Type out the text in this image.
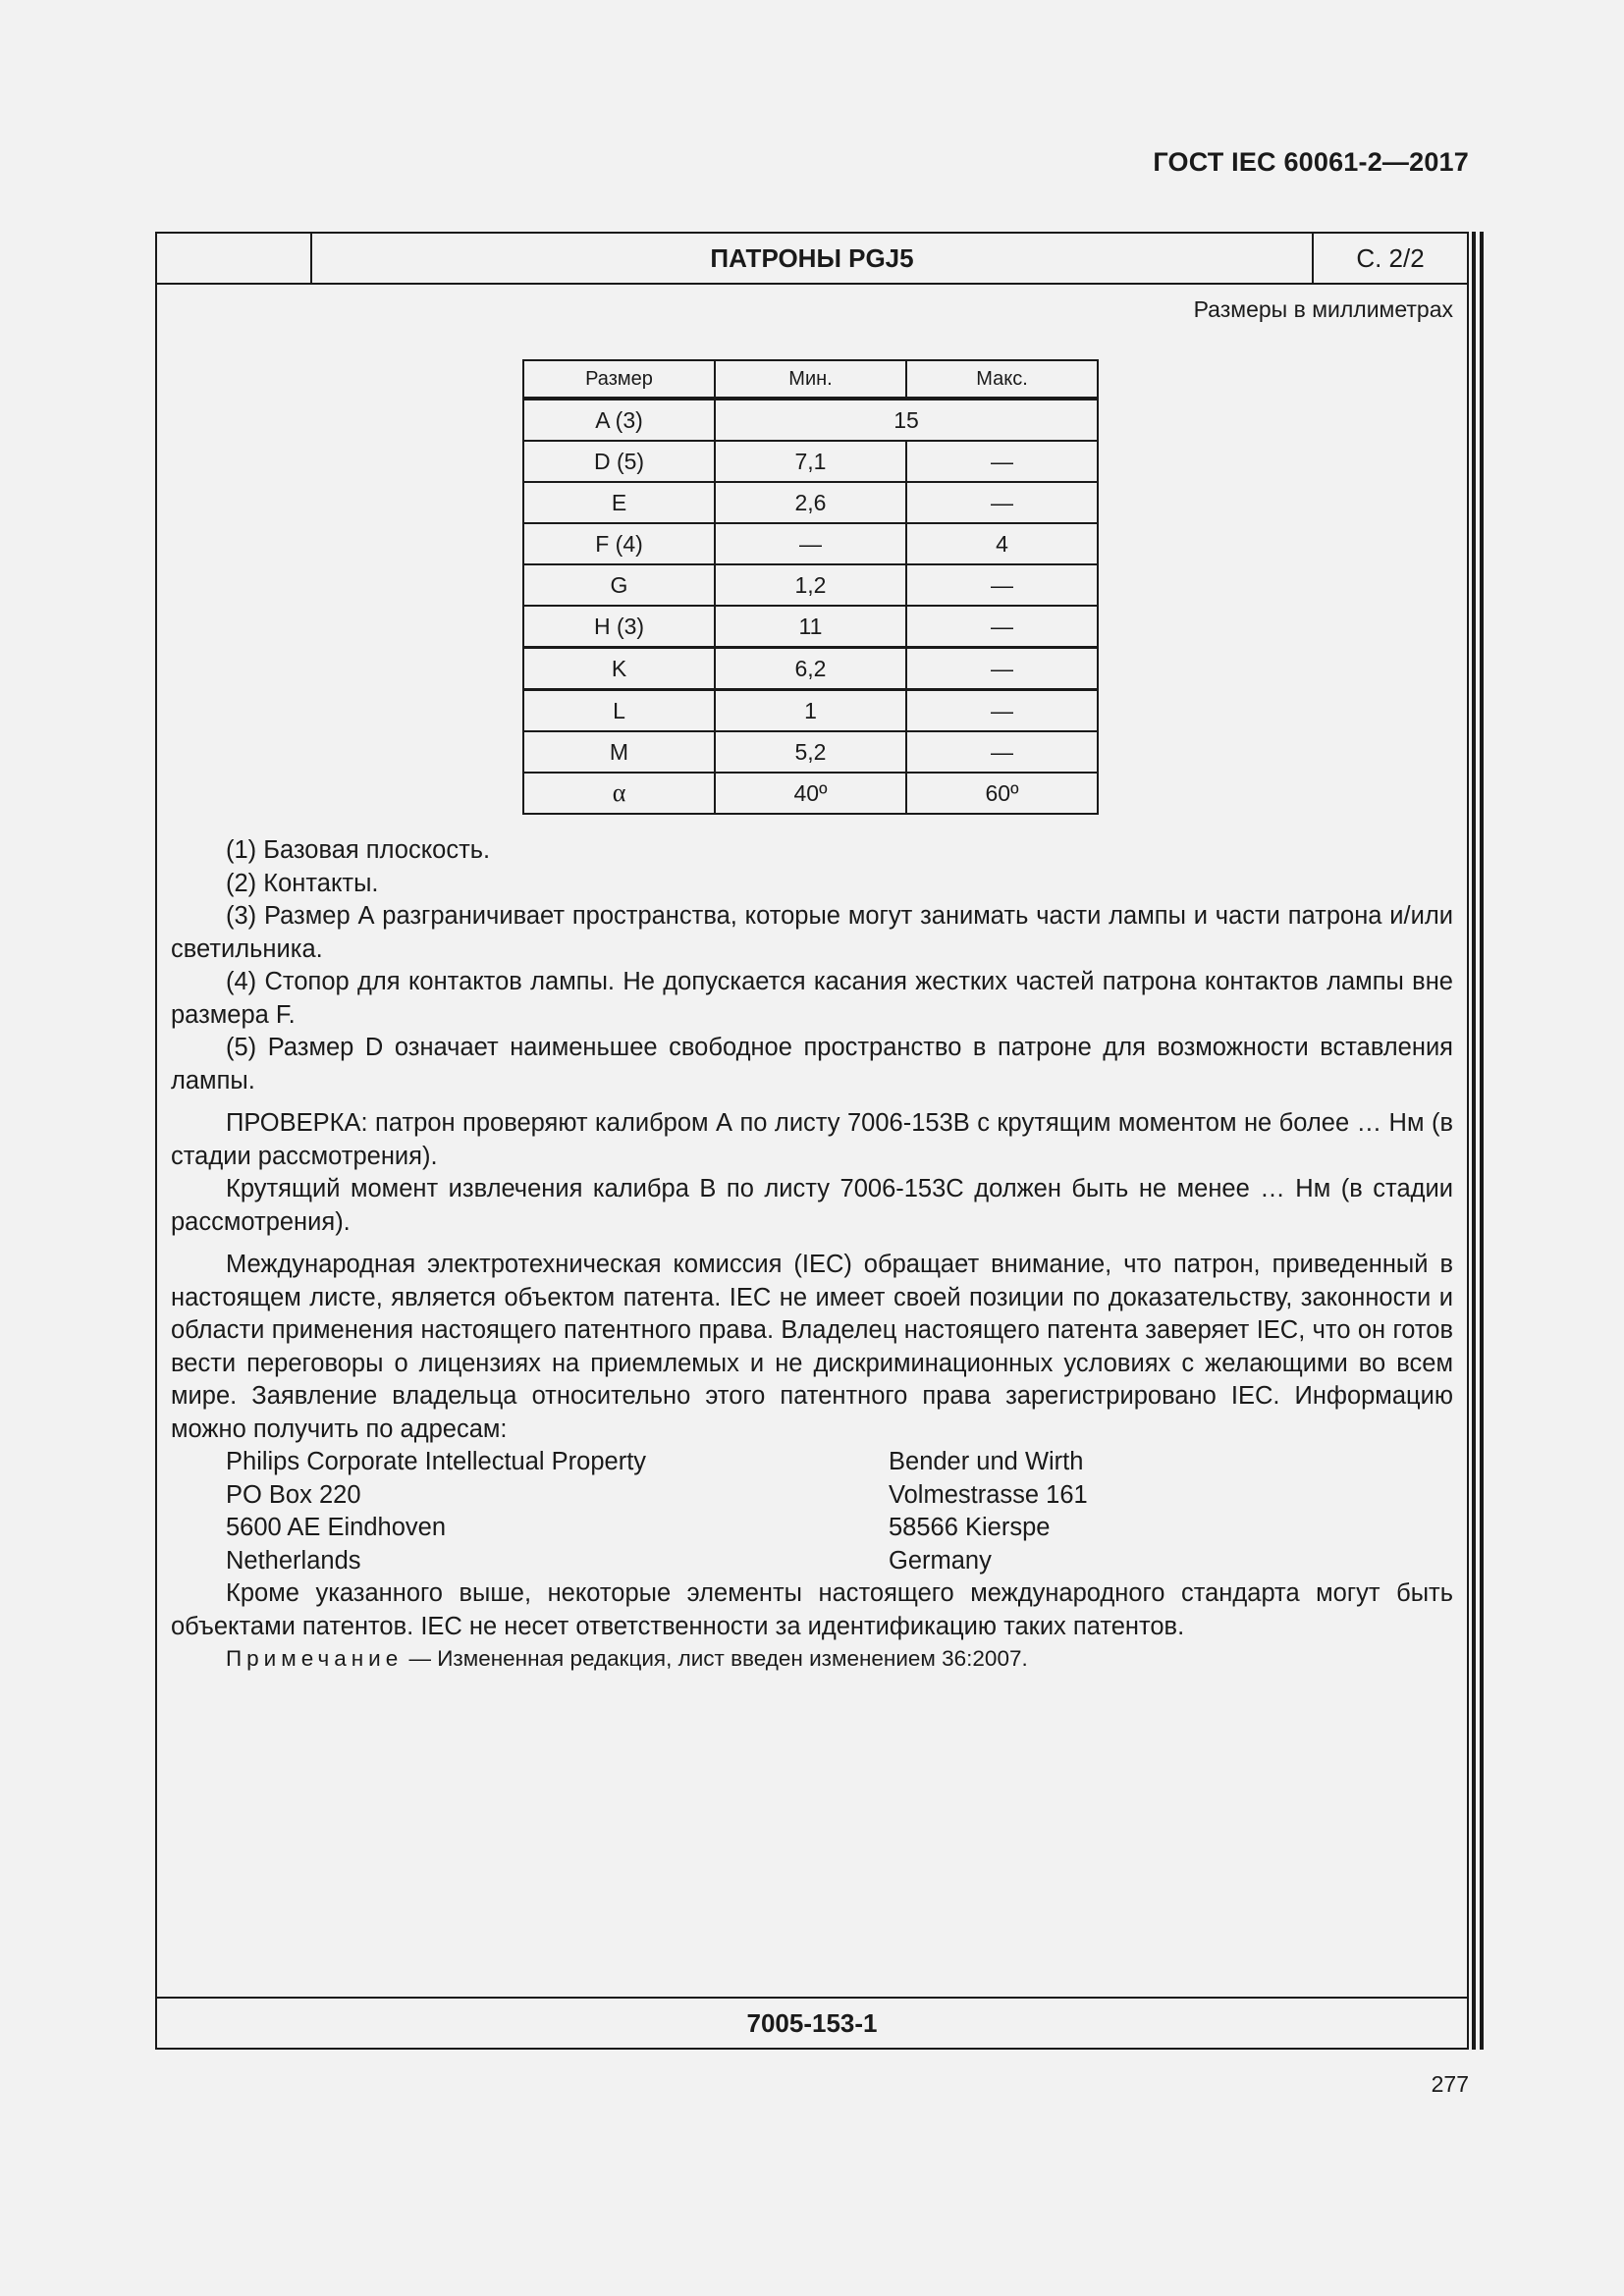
ГОСТ IEC 60061-2—2017
ПАТРОНЫ PGJ5	С. 2/2
Размеры в миллиметрах
Размер	Мин.	Макс.
A (3)	15	
D (5)	7,1	—
E	2,6	—
F (4)	—	4
G	1,2	—
H (3)	11	—
K	6,2	—
L	1	—
M	5,2	—
α	40º	60º

(1) Базовая плоскость.

(2) Контакты.

(3) Размер А разграничивает пространства, которые могут занимать части лампы и части патрона и/или светильника.

(4) Стопор для контактов лампы. Не допускается касания жестких частей патрона контактов лампы вне размера F.

(5) Размер D означает наименьшее свободное пространство в патроне для возможности вставления лампы.

ПРОВЕРКА: патрон проверяют калибром А по листу 7006-153В с крутящим моментом не более … Нм (в стадии рассмотрения).

Крутящий момент извлечения калибра В по листу 7006-153С должен быть не менее … Нм (в стадии рассмотрения).

Международная электротехническая комиссия (IEC) обращает внимание, что патрон, приведенный в настоящем листе, является объектом патента. IEC не имеет своей позиции по доказательству, законности и области применения настоящего патентного права. Владелец настоящего патента заверяет IEC, что он готов вести переговоры о лицензиях на приемлемых и не дискриминационных условиях с желающими во всем мире. Заявление владельца относительно этого патентного права зарегистрировано IEC. Информацию можно получить по адресам:

Philips Corporate Intellectual Property	Bender und Wirth
PO Box 220	Volmestrasse 161
5600 AE Eindhoven	58566 Kierspe
Netherlands	Germany

Кроме указанного выше, некоторые элементы настоящего международного стандарта могут быть объектами патентов. IEC не несет ответственности за идентификацию таких патентов.

Примечание — Измененная редакция, лист введен изменением 36:2007.

7005-153-1
277
